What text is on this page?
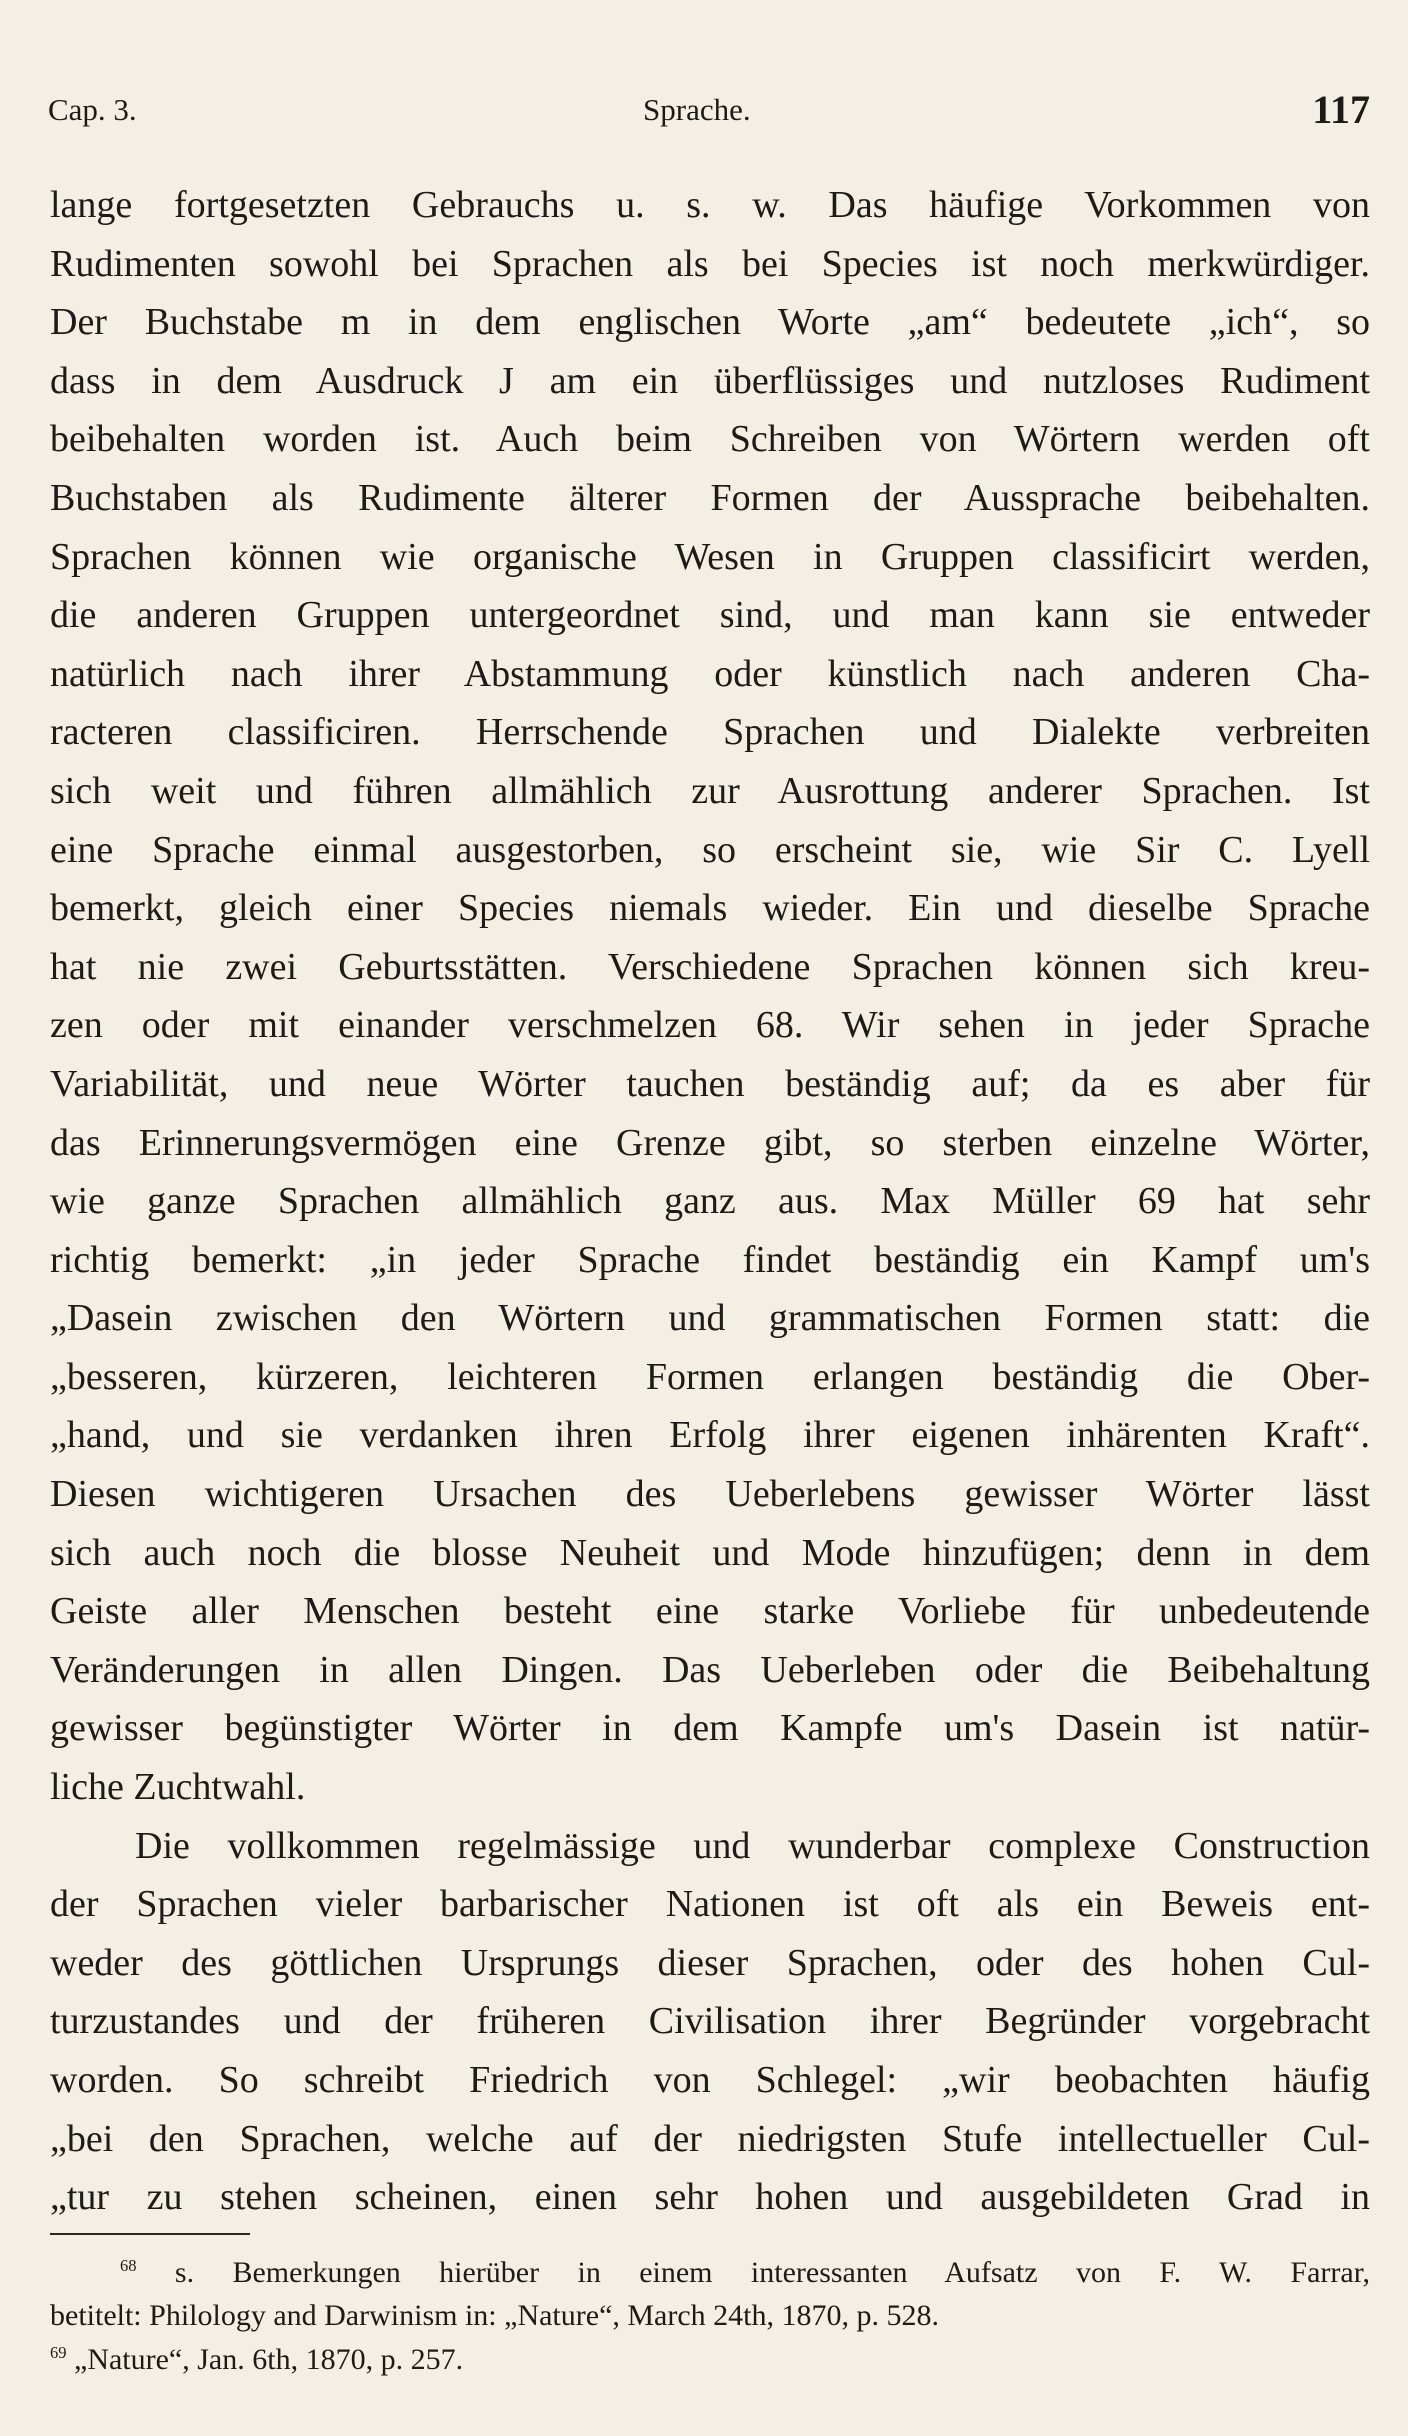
Cap. 3.	Sprache.	117
lange fortgesetzten Gebrauchs u. s. w. Das häufige Vorkommen von
Rudimenten sowohl bei Sprachen als bei Species ist noch merkwürdiger.
Der Buchstabe m in dem englischen Worte „am“ bedeutete „ich“, so
dass in dem Ausdruck J am ein überflüssiges und nutzloses Rudiment
beibehalten worden ist. Auch beim Schreiben von Wörtern werden oft
Buchstaben als Rudimente älterer Formen der Aussprache beibehalten.
Sprachen können wie organische Wesen in Gruppen classificirt werden,
die anderen Gruppen untergeordnet sind, und man kann sie entweder
natürlich nach ihrer Abstammung oder künstlich nach anderen Cha-
racteren classificiren. Herrschende Sprachen und Dialekte verbreiten
sich weit und führen allmählich zur Ausrottung anderer Sprachen. Ist
eine Sprache einmal ausgestorben, so erscheint sie, wie Sir C. Lyell
bemerkt, gleich einer Species niemals wieder. Ein und dieselbe Sprache
hat nie zwei Geburtsstätten. Verschiedene Sprachen können sich kreu-
zen oder mit einander verschmelzen 68. Wir sehen in jeder Sprache
Variabilität, und neue Wörter tauchen beständig auf; da es aber für
das Erinnerungsvermögen eine Grenze gibt, so sterben einzelne Wörter,
wie ganze Sprachen allmählich ganz aus. Max Müller 69 hat sehr
richtig bemerkt: „in jeder Sprache findet beständig ein Kampf um's
„Dasein zwischen den Wörtern und grammatischen Formen statt: die
„besseren, kürzeren, leichteren Formen erlangen beständig die Ober-
„hand, und sie verdanken ihren Erfolg ihrer eigenen inhärenten Kraft“.
Diesen wichtigeren Ursachen des Ueberlebens gewisser Wörter lässt
sich auch noch die blosse Neuheit und Mode hinzufügen; denn in dem
Geiste aller Menschen besteht eine starke Vorliebe für unbedeutende
Veränderungen in allen Dingen. Das Ueberleben oder die Beibehaltung
gewisser begünstigter Wörter in dem Kampfe um's Dasein ist natür-
liche Zuchtwahl.
Die vollkommen regelmässige und wunderbar complexe Construction
der Sprachen vieler barbarischer Nationen ist oft als ein Beweis ent-
weder des göttlichen Ursprungs dieser Sprachen, oder des hohen Cul-
turzustandes und der früheren Civilisation ihrer Begründer vorgebracht
worden. So schreibt Friedrich von Schlegel: „wir beobachten häufig
„bei den Sprachen, welche auf der niedrigsten Stufe intellectueller Cul-
„tur zu stehen scheinen, einen sehr hohen und ausgebildeten Grad in
$^{68}$ s. Bemerkungen hierüber in einem interessanten Aufsatz von F. W. Farrar,
betitelt: Philology and Darwinism in: „Nature“, March 24th, 1870, p. 528.
$^{69}$ „Nature“, Jan. 6th, 1870, p. 257.
